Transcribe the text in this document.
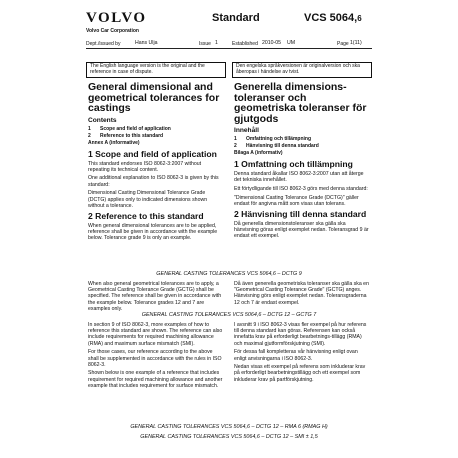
VOLVO
Volvo Car Corporation
Standard	VCS 5064,6
Dept./issued by	Hans Ulja	Issue 1	Established 2010-05 UM	Page 1(11)
The English language version is the original and the reference in case of dispute.
Den engelska språkversionen är originalversion och ska åberopas i händelse av tvist.
General dimensional and geometrical tolerances for castings
Contents
1 Scope and field of application
2 Reference to this standard
Annex A (informative)
1 Scope and field of application

This standard endorses ISO 8062-3:2007 without repeating its technical content.

One additional explanation to ISO 8062-3 is given by this standard:

Dimensional Casting Dimensional Tolerance Grade (DCTG) applies only to indicated dimensions shown without a tolerance.

2 Reference to this standard

When general dimensional tolerances are to be applied, reference shall be given in accordance with the example below. Tolerance grade 9 is only an example.

Generella dimensions-toleranser och geometriska toleranser för gjutgods
Innehåll
1 Omfattning och tillämpning
2 Hänvisning till denna standard
Bilaga A (informativ)
1 Omfattning och tillämpning

Denna standard åkallar ISO 8062-3:2007 utan att återge det tekniska innehållet.

Ett förtydligande till ISO 8062-3 görs med denna standard:

"Dimensional Casting Tolerance Grade (DCTG)" gäller endast för angivna mått som visas utan tolerans.

2 Hänvisning till denna standard

Då generella dimensionstoleranser ska gälla ska hänvisning göras enligt exemplet nedan. Toleransgrad 9 är endast ett exempel.

GENERAL CASTING TOLERANCES VCS 5064,6 – DCTG 9

When also general geometrical tolerances are to apply, a Geometrical Casting Tolerance Grade (GCTG) shall be specified. The reference shall be given in accordance with the example below. Tolerance grades 12 and 7 are examples only.

Då även generella geometriska toleranser ska gälla ska en "Geometrical Casting Tolerance Grade" (GCTG) anges. Hänvisning görs enligt exemplet nedan. Toleransgraderna 12 och 7 är endast exempel.

GENERAL CASTING TOLERANCES VCS 5064,6 – DCTG 12 – GCTG 7

In section 9 of ISO 8062-3, more examples of how to reference this standard are shown. The reference can also include requirements for required machining allowance (RMA) and maximum surface mismatch (SMI).

For those cases, our reference according to the above shall be supplemented in accordance with the rules in ISO 8062-3.

Shown below is one example of a reference that includes requirement for required machining allowance and another example that includes requirement for surface mismatch.

I avsnitt 9 i ISO 8062-3 visas fler exempel på hur referens till denna standard kan göras. Referensen kan också innefatta krav på erforderligt bearbetnings-tillägg (RMA) och maximal gjutformförskjutning (SMI).

För dessa fall kompletteras vår hänvisning enligt ovan enligt anvisningarna i ISO 8062-3.

Nedan visas ett exempel på referens som inkluderar krav på erforderligt bearbetningstillägg och ett exempel som inkluderar krav på partförskjutning.

GENERAL CASTING TOLERANCES VCS 5064,6 – DCTG 12 – RMA 6 (RMAG H)
GENERAL CASTING TOLERANCES VCS 5064,6 – DCTG 12 – SMI ± 1,5
